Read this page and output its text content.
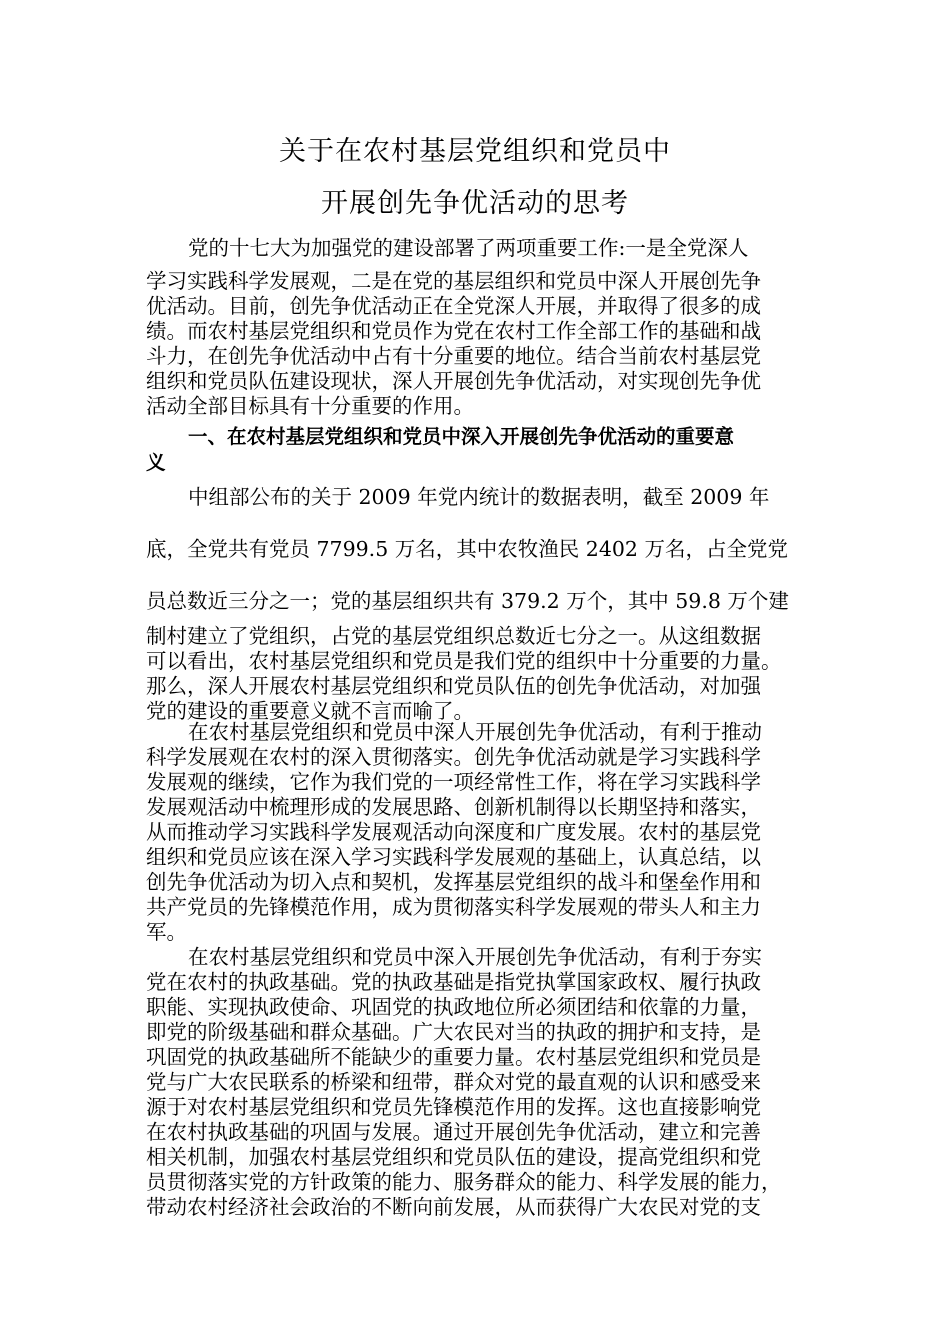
关于在农村基层党组织和党员中
开展创先争优活动的思考
党的十七大为加强党的建设部署了两项重要工作:一是全党深人
学习实践科学发展观，二是在党的基层组织和党员中深人开展创先争
优活动。目前，创先争优活动正在全党深人开展，并取得了很多的成
绩。而农村基层党组织和党员作为党在农村工作全部工作的基础和战
斗力，在创先争优活动中占有十分重要的地位。结合当前农村基层党
组织和党员队伍建设现状，深人开展创先争优活动，对实现创先争优
活动全部目标具有十分重要的作用。
一、在农村基层党组织和党员中深入开展创先争优活动的重要意
义
中组部公布的关于 2009 年党内统计的数据表明，截至 2009 年
底，全党共有党员 7799.5 万名，其中农牧渔民 2402 万名，占全党党
员总数近三分之一；党的基层组织共有 379.2 万个，其中 59.8 万个建
制村建立了党组织，占党的基层党组织总数近七分之一。从这组数据
可以看出，农村基层党组织和党员是我们党的组织中十分重要的力量。
那么，深人开展农村基层党组织和党员队伍的创先争优活动，对加强
党的建设的重要意义就不言而喻了。
在农村基层党组织和党员中深人开展创先争优活动，有利于推动
科学发展观在农村的深入贯彻落实。创先争优活动就是学习实践科学
发展观的继续，它作为我们党的一项经常性工作，将在学习实践科学
发展观活动中梳理形成的发展思路、创新机制得以长期坚持和落实，
从而推动学习实践科学发展观活动向深度和广度发展。农村的基层党
组织和党员应该在深入学习实践科学发展观的基础上，认真总结，以
创先争优活动为切入点和契机，发挥基层党组织的战斗和堡垒作用和
共产党员的先锋模范作用，成为贯彻落实科学发展观的带头人和主力
军。
在农村基层党组织和党员中深入开展创先争优活动，有利于夯实
党在农村的执政基础。党的执政基础是指党执掌国家政权、履行执政
职能、实现执政使命、巩固党的执政地位所必须团结和依靠的力量，
即党的阶级基础和群众基础。广大农民对当的执政的拥护和支持，是
巩固党的执政基础所不能缺少的重要力量。农村基层党组织和党员是
党与广大农民联系的桥梁和纽带，群众对党的最直观的认识和感受来
源于对农村基层党组织和党员先锋模范作用的发挥。这也直接影响党
在农村执政基础的巩固与发展。通过开展创先争优活动，建立和完善
相关机制，加强农村基层党组织和党员队伍的建设，提高党组织和党
员贯彻落实党的方针政策的能力、服务群众的能力、科学发展的能力，
带动农村经济社会政治的不断向前发展，从而获得广大农民对党的支
